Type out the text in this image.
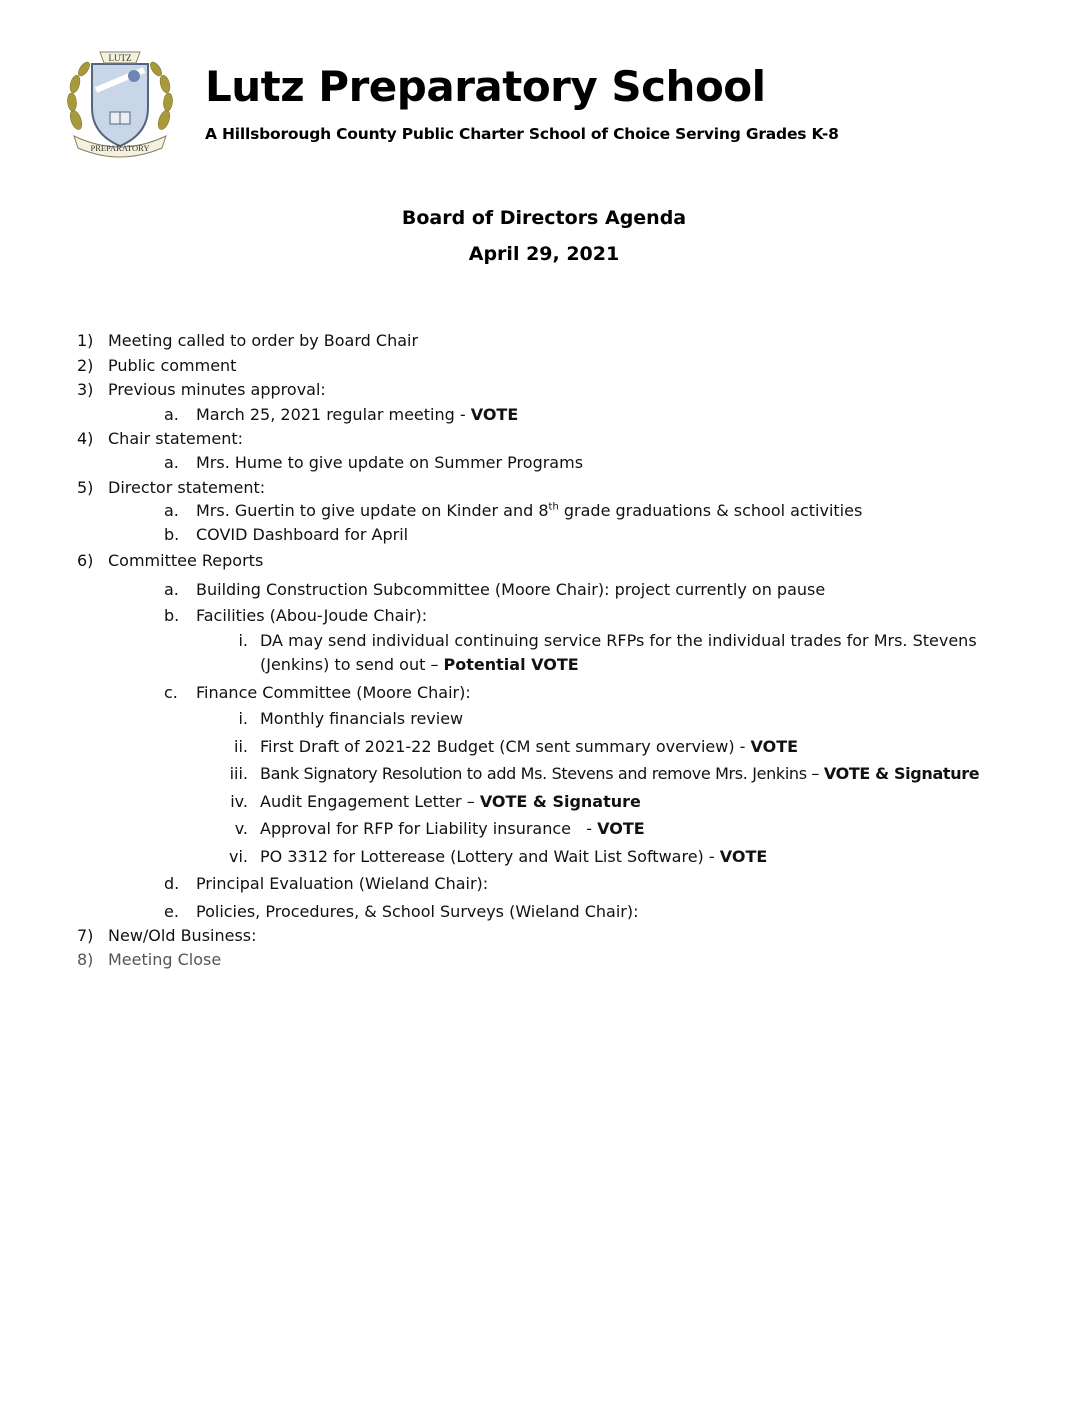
LUTZ
PREPARATORY
Lutz Preparatory School
A Hillsborough County Public Charter School of Choice Serving Grades K-8
Board of Directors Agenda
April 29, 2021
1) Meeting called to order by Board Chair
2) Public comment
3) Previous minutes approval:
a. March 25, 2021 regular meeting - VOTE
4) Chair statement:
a. Mrs. Hume to give update on Summer Programs
5) Director statement:
a. Mrs. Guertin to give update on Kinder and 8th grade graduations & school activities
b. COVID Dashboard for April
6) Committee Reports
a. Building Construction Subcommittee (Moore Chair): project currently on pause
b. Facilities (Abou-Joude Chair):
i. DA may send individual continuing service RFPs for the individual trades for Mrs. Stevens
(Jenkins) to send out – Potential VOTE
c. Finance Committee (Moore Chair):
i. Monthly financials review
ii. First Draft of 2021-22 Budget (CM sent summary overview) - VOTE
iii. Bank Signatory Resolution to add Ms. Stevens and remove Mrs. Jenkins – VOTE & Signature
iv. Audit Engagement Letter – VOTE & Signature
v. Approval for RFP for Liability insurance   - VOTE
vi. PO 3312 for Lotterease (Lottery and Wait List Software) - VOTE
d. Principal Evaluation (Wieland Chair):
e. Policies, Procedures, & School Surveys (Wieland Chair):
7) New/Old Business:
8) Meeting Close
